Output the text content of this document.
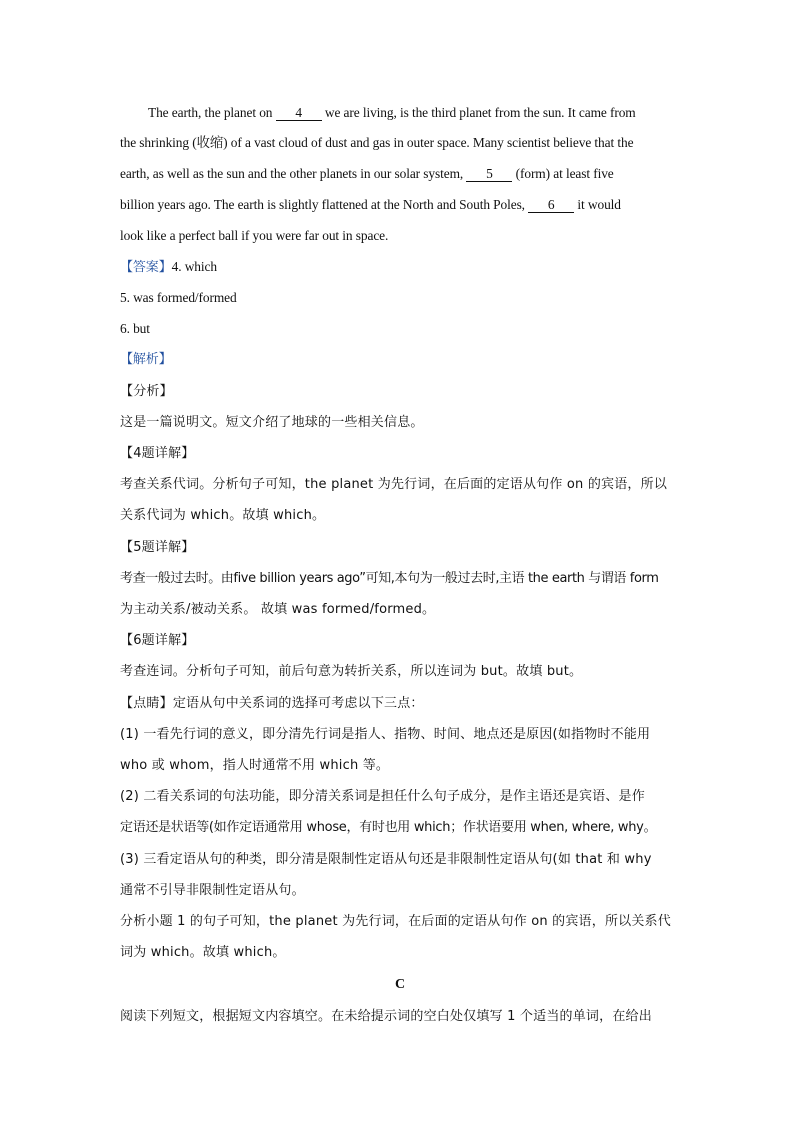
The earth, the planet on 4 we are living, is the third planet from the sun. It came from
the shrinking (收缩) of a vast cloud of dust and gas in outer space. Many scientist believe that the
earth, as well as the sun and the other planets in our solar system, 5 (form) at least five
billion years ago. The earth is slightly flattened at the North and South Poles, 6 it would
look like a perfect ball if you were far out in space.
【答案】4. which
5. was formed/formed
6. but
【解析】
【分析】
这是一篇说明文。短文介绍了地球的一些相关信息。
【4题详解】
考查关系代词。分析句子可知，the planet 为先行词，在后面的定语从句作 on 的宾语，所以
关系代词为 which。故填 which。
【5题详解】
考查一般过去时。由five billion years ago”可知,本句为一般过去时,主语 the earth 与谓语 form
为主动关系/被动关系。 故填 was formed/formed。
【6题详解】
考查连词。分析句子可知，前后句意为转折关系，所以连词为 but。故填 but。
【点睛】定语从句中关系词的选择可考虑以下三点：
(1) 一看先行词的意义，即分清先行词是指人、指物、时间、地点还是原因(如指物时不能用
who 或 whom，指人时通常不用 which 等。
(2) 二看关系词的句法功能，即分清关系词是担任什么句子成分，是作主语还是宾语、是作
定语还是状语等(如作定语通常用 whose，有时也用 which；作状语要用 when, where, why。
(3) 三看定语从句的种类，即分清是限制性定语从句还是非限制性定语从句(如 that 和 why
通常不引导非限制性定语从句。
分析小题 1 的句子可知，the planet 为先行词，在后面的定语从句作 on 的宾语，所以关系代
词为 which。故填 which。
C
阅读下列短文，根据短文内容填空。在未给提示词的空白处仅填写 1 个适当的单词，在给出
